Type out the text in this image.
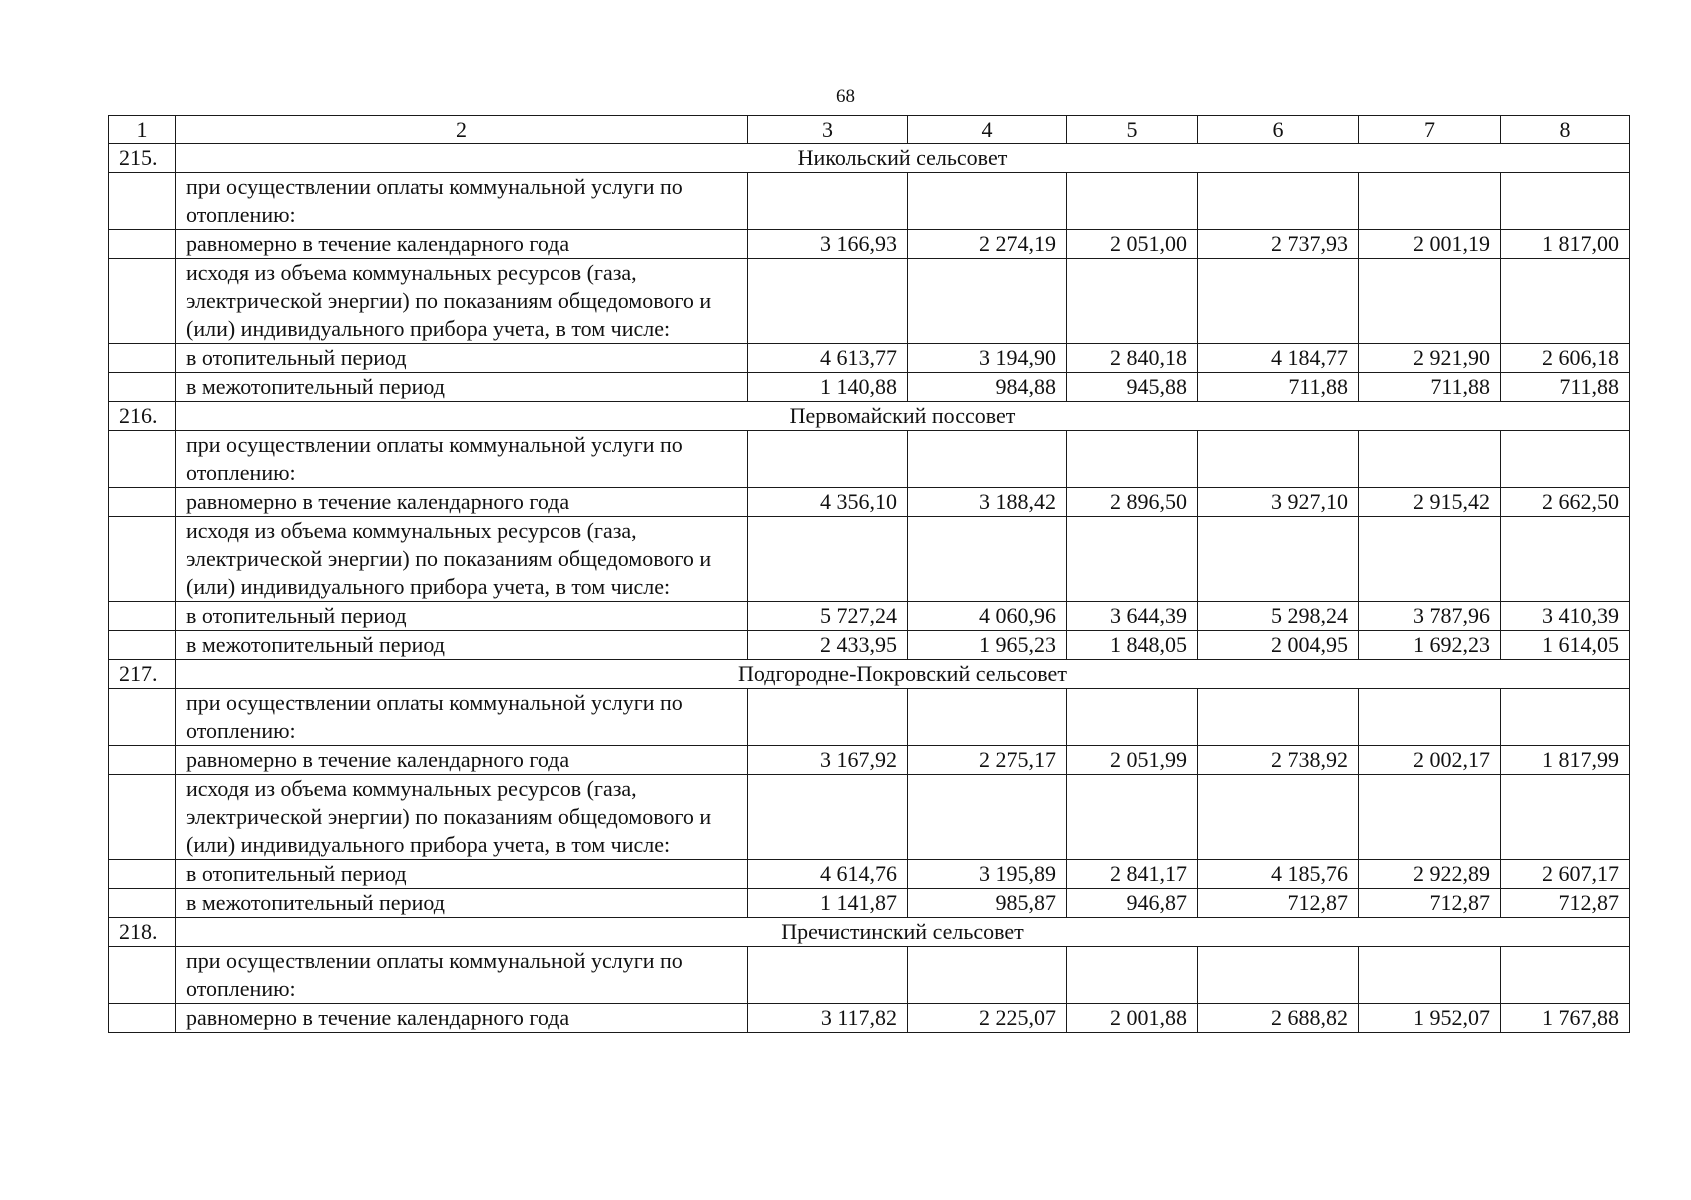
68
1	2	3	4	5	6	7	8
215.	Никольский сельсовет						
	при осуществлении оплаты коммунальной услуги по отоплению:						
	равномерно в течение календарного года	3 166,93	2 274,19	2 051,00	2 737,93	2 001,19	1 817,00
	исходя из объема коммунальных ресурсов (газа, электрической энергии) по показаниям общедомового и (или) индивидуального прибора учета, в том числе:						
	в отопительный период	4 613,77	3 194,90	2 840,18	4 184,77	2 921,90	2 606,18
	в межотопительный период	1 140,88	984,88	945,88	711,88	711,88	711,88
216.	Первомайский поссовет						
	при осуществлении оплаты коммунальной услуги по отоплению:						
	равномерно в течение календарного года	4 356,10	3 188,42	2 896,50	3 927,10	2 915,42	2 662,50
	исходя из объема коммунальных ресурсов (газа, электрической энергии) по показаниям общедомового и (или) индивидуального прибора учета, в том числе:						
	в отопительный период	5 727,24	4 060,96	3 644,39	5 298,24	3 787,96	3 410,39
	в межотопительный период	2 433,95	1 965,23	1 848,05	2 004,95	1 692,23	1 614,05
217.	Подгородне-Покровский сельсовет						
	при осуществлении оплаты коммунальной услуги по отоплению:						
	равномерно в течение календарного года	3 167,92	2 275,17	2 051,99	2 738,92	2 002,17	1 817,99
	исходя из объема коммунальных ресурсов (газа, электрической энергии) по показаниям общедомового и (или) индивидуального прибора учета, в том числе:						
	в отопительный период	4 614,76	3 195,89	2 841,17	4 185,76	2 922,89	2 607,17
	в межотопительный период	1 141,87	985,87	946,87	712,87	712,87	712,87
218.	Пречистинский сельсовет						
	при осуществлении оплаты коммунальной услуги по отоплению:						
	равномерно в течение календарного года	3 117,82	2 225,07	2 001,88	2 688,82	1 952,07	1 767,88
